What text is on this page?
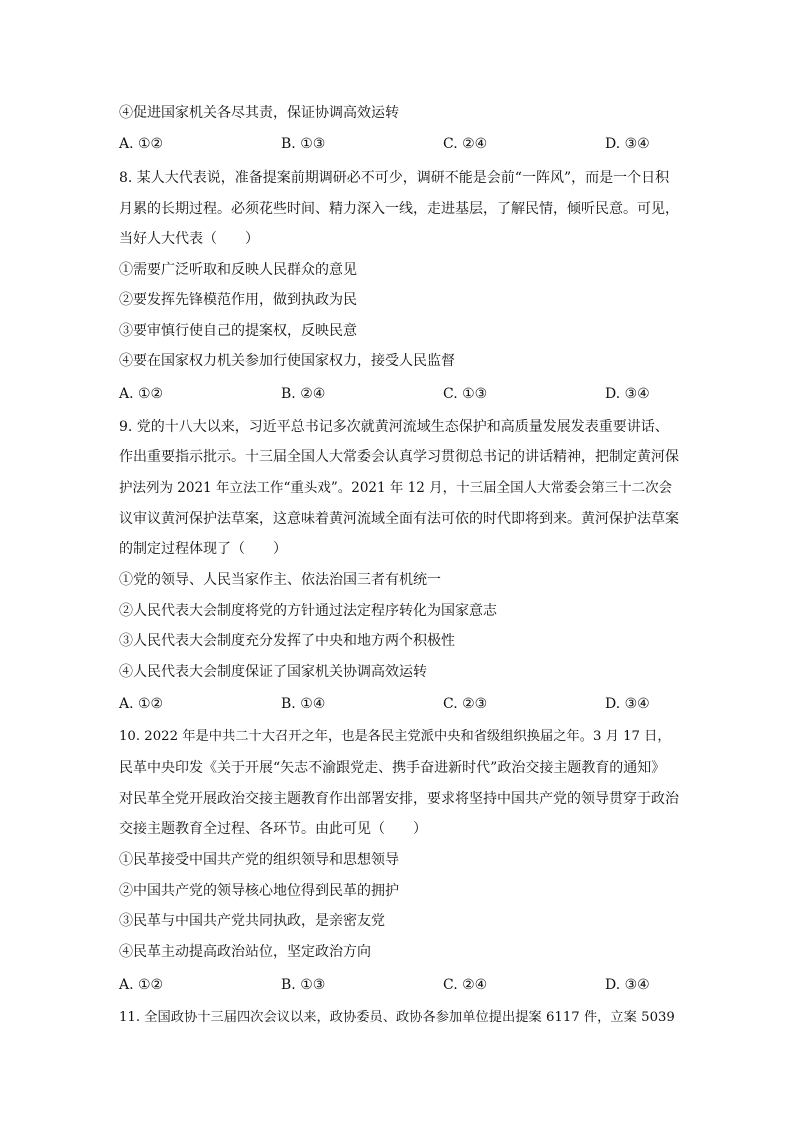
④促进国家机关各尽其责，保证协调高效运转
A. ①②	B. ①③	C. ②④	D. ③④
8. 某人大代表说，准备提案前期调研必不可少，调研不能是会前“一阵风”，而是一个日积
月累的长期过程。必须花些时间、精力深入一线，走进基层，了解民情，倾听民意。可见，
当好人大代表（　　）
①需要广泛听取和反映人民群众的意见
②要发挥先锋模范作用，做到执政为民
③要审慎行使自己的提案权，反映民意
④要在国家权力机关参加行使国家权力，接受人民监督
A. ①②	B. ②④	C. ①③	D. ③④
9. 党的十八大以来，习近平总书记多次就黄河流域生态保护和高质量发展发表重要讲话、
作出重要指示批示。十三届全国人大常委会认真学习贯彻总书记的讲话精神，把制定黄河保
护法列为 2021 年立法工作“重头戏”。2021 年 12 月，十三届全国人大常委会第三十二次会
议审议黄河保护法草案，这意味着黄河流域全面有法可依的时代即将到来。黄河保护法草案
的制定过程体现了（　　）
①党的领导、人民当家作主、依法治国三者有机统一
②人民代表大会制度将党的方针通过法定程序转化为国家意志
③人民代表大会制度充分发挥了中央和地方两个积极性
④人民代表大会制度保证了国家机关协调高效运转
A. ①②	B. ①④	C. ②③	D. ③④
10. 2022 年是中共二十大召开之年，也是各民主党派中央和省级组织换届之年。3 月 17 日，
民革中央印发《关于开展“矢志不渝跟党走、携手奋进新时代”政治交接主题教育的通知》
对民革全党开展政治交接主题教育作出部署安排，要求将坚持中国共产党的领导贯穿于政治
交接主题教育全过程、各环节。由此可见（　　）
①民革接受中国共产党的组织领导和思想领导
②中国共产党的领导核心地位得到民革的拥护
③民革与中国共产党共同执政，是亲密友党
④民革主动提高政治站位，坚定政治方向
A. ①②	B. ①③	C. ②④	D. ③④
11. 全国政协十三届四次会议以来，政协委员、政协各参加单位提出提案 6117 件，立案 5039
